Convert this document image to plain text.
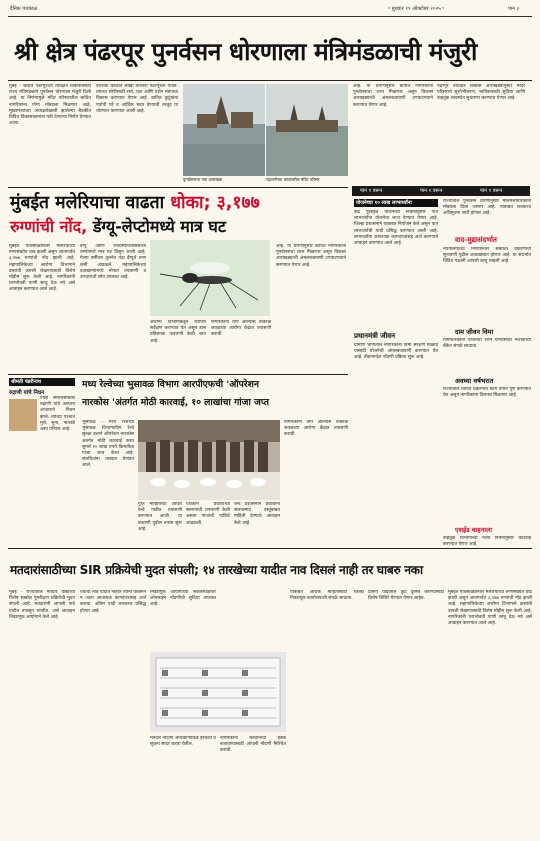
दैनिक पथकाळ	॰ बुधवार १९ ऑक्टोबर २०२५ ॰	पान ३
श्री क्षेत्र पंढरपूर पुनर्वसन धोरणाला मंत्रिमंडळाची मंजुरी
मुंबई - श्रीक्षेत्र पंढरपूरच्या तीर्थक्षेत्र विकासासाठी राज्य मंत्रिमंडळाने पुनर्वसन धोरणाला मंजुरी दिली आहे. या निर्णयामुळे मंदिर परिसरातील बाधित नागरिकांना योग्य मोबदला मिळणार आहे. मुख्यमंत्र्यांच्या अध्यक्षतेखाली झालेल्या बैठकीत विविध विकासकामांना गती देण्याचा निर्णय घेण्यात आला.
वारीच्या काळात लाखो वारकरी पंढरपूरला येतात. त्यांच्या सोयीसाठी रस्ते, घाट आणि दर्शन मंडपाचा विकास करण्यात येणार आहे. बाधित कुटुंबांना पर्यायी घरे व आर्थिक मदत देण्याची तरतूद या धोरणात करण्यात आली आहे.
पुनर्वसनाचा नवा आराखडा	चंद्रभागेच्या काठावरील मंदिर परिसर
आहे. या धोरणानुसार बाधित नागरिकांना पुनर्वसनाचा लाभ मिळणार असून विकास आराखड्याची अंमलबजावणी टप्प्याटप्प्याने करण्यात येणार आहे.
पंढरपूर तीर्थक्षेत्र विकास आराखड्यानुसार मंदिर परिसराचे सुशोभीकरण, भाविकांसाठी सुविधा आणि वाहतूक व्यवस्थेत सुधारणा करण्यात येणार आहे.
पान १ वरून	पान १ वरून	पान १ वरून
मुंबईत मलेरियाचा वाढता धोका; ३,१७७
रुग्णांची नोंद, डेंग्यू-लेप्टोमध्ये मात्र घट
योजनेच्या १० लाख लाभार्थ्यांना
केंद्र पुरस्कृत योजनेच्या निकषानुसार पात्र लाभार्थ्यांना योजनेचा लाभ देण्यात येणार आहे. जिल्हा प्रशासनाने याबाबत नियोजन केले असून पात्र लाभार्थ्यांची यादी प्रसिद्ध करण्यात आली आहे. लाभार्थ्यांना आवश्यक कागदपत्रांसह अर्ज करण्याचे आवाहन करण्यात आले आहे.
प्रधानमंत्री जीवन
ग्रामीण भागातील नागरिकांना विमा संरक्षण मिळावे यासाठी योजनेची अंमलबजावणी करण्यात येत आहे. बँकांमार्फत नोंदणी प्रक्रिया सुरू आहे.
राज्यातील पुनर्वसन धोरणानुसार मालमत्ताधारकांना मोबदला दिला जाणार आहे. याबाबत लवकरच अधिसूचना जारी होणार आहे.
वाद-मुद्यासंदर्भात
न्यायालयाच्या निर्णयानंतर संबंधित प्रकरणाची सुनावणी पुढील आठवड्यात होणार आहे. या संदर्भात विविध पक्षांनी आपली बाजू मांडली आहे.
दाम जीवन विमा
विमाधारकांना योजनेचा लाभ घेण्यासाठी नजीकच्या बँकेत संपर्क साधावा.
अवघ्या वर्षभरात
राज्यातील विविध प्रकल्पांचे काम वेगाने पूर्ण करण्यात येत असून नागरिकांना दिलासा मिळणार आहे.
एसईड वाहनाला
वाहतूक विभागाच्या नव्या नियमांनुसार कारवाई करण्यात येणार आहे.
मुंबईत पावसाळ्यानंतर मलेरियाच्या रुग्णसंख्येत वाढ झाली असून आतापर्यंत ३,१७७ रुग्णांची नोंद झाली आहे. महापालिकेच्या आरोग्य विभागाने डासांची उत्पत्ती रोखण्यासाठी विशेष मोहीम सुरू केली आहे. नागरिकांनी घराभोवती पाणी साचू देऊ नये असे आवाहन करण्यात आले आहे.
डेंग्यू आणि लेप्टोस्पायरोसिसच्या रुग्णांमध्ये मात्र घट दिसून आली आहे. गेल्या वर्षीच्या तुलनेत यंदा डेंग्यूचे रुग्ण कमी आढळले. महापालिकेच्या दवाखान्यांमध्ये मोफत तपासणी व उपचारांची सोय उपलब्ध आहे.
आरोग्य विभागाकडून घरोघरी सर्वेक्षण करण्यात येत असून डास प्रतिबंधक फवारणी केली जात आहे.
नागरिकांनी ताप आल्यास तत्काळ जवळच्या आरोग्य केंद्रात तपासणी करावी.
आहे. या धोरणानुसार बाधित नागरिकांना पुनर्वसनाचा लाभ मिळणार असून विकास आराखड्याची अंमलबजावणी टप्प्याटप्प्याने करण्यात येणार आहे.
श्रीमती पंढरीनाथ
रुद्राणी यांचे निधन
ज्येष्ठ समाजसेविका रुद्राणी यांचे अल्पशा आजाराने निधन झाले. त्यांच्या पश्चात मुले, सुना, नातवंडे असा परिवार आहे.
मध्य रेल्वेच्या भुसावळ विभाग आरपीएफची 'ऑपरेशन
नारकोस 'अंतर्गत मोठी कारवाई, १० लाखांचा गांजा जप्त
भुसावळ - मध्य रेल्वेच्या भुसावळ विभागातील रेल्वे सुरक्षा दलाने ऑपरेशन नारकोस अंतर्गत मोठी कारवाई करत सुमारे १० लाख रुपये किमतीचा गांजा जप्त केला आहे. संशयितांना ताब्यात घेण्यात आले.
गुप्त माहितीच्या आधारे रेल्वे गाडीत तपासणी करण्यात आली. या प्रकरणी पुढील तपास सुरू आहे.
पथकाने प्रवाशांच्या सामानाची तपासणी केली असता गांजाची पाकिटे आढळली.
रेल्वे प्रशासनाने प्रवाशांना संशयास्पद वस्तूंबाबत माहिती देण्याचे आवाहन केले आहे.
नागरिकांनी ताप आल्यास तत्काळ जवळच्या आरोग्य केंद्रात तपासणी करावी.
मतदारांसाठीच्या SIR प्रक्रियेची मुदत संपली; १४ तारखेच्या यादीत नाव दिसलं नाही तर घाबरु नका
मुंबई - राज्यातील मतदार याद्यांच्या विशेष सखोल पुनरीक्षण प्रक्रियेची मुदत संपली आहे. मतदारांनी आपली नावे यादीत तपासून घ्यावीत, असे आवाहन निवडणूक आयोगाने केले आहे.
ज्यांची नावे यादीत नाहीत त्यांनी घाबरून न जाता आवश्यक कागदपत्रांसह अर्ज करावा. अंतिम यादी लवकरच प्रसिद्ध होणार आहे.
निवडणूक आयोगाच्या संकेतस्थळावर ऑनलाइन नोंदणीची सुविधा उपलब्ध आहे.
मतदार नोंदणी अधिकाऱ्यांकडे हरकती व सूचना सादर करता येतील.
नागरिकांनी मतदानाचा हक्क बजावण्यासाठी आपली नोंदणी निश्चित करावी.
याबाबत अधिक माहितीसाठी जिल्हा निवडणूक कार्यालयाशी संपर्क साधावा.
प्रारूप यादीतील त्रुटी दुरुस्त करण्यासाठी विशेष शिबिरे घेण्यात येणार आहेत.
मुंबईत पावसाळ्यानंतर मलेरियाच्या रुग्णसंख्येत वाढ झाली असून आतापर्यंत ३,१७७ रुग्णांची नोंद झाली आहे. महापालिकेच्या आरोग्य विभागाने डासांची उत्पत्ती रोखण्यासाठी विशेष मोहीम सुरू केली आहे. नागरिकांनी घराभोवती पाणी साचू देऊ नये असे आवाहन करण्यात आले आहे.
